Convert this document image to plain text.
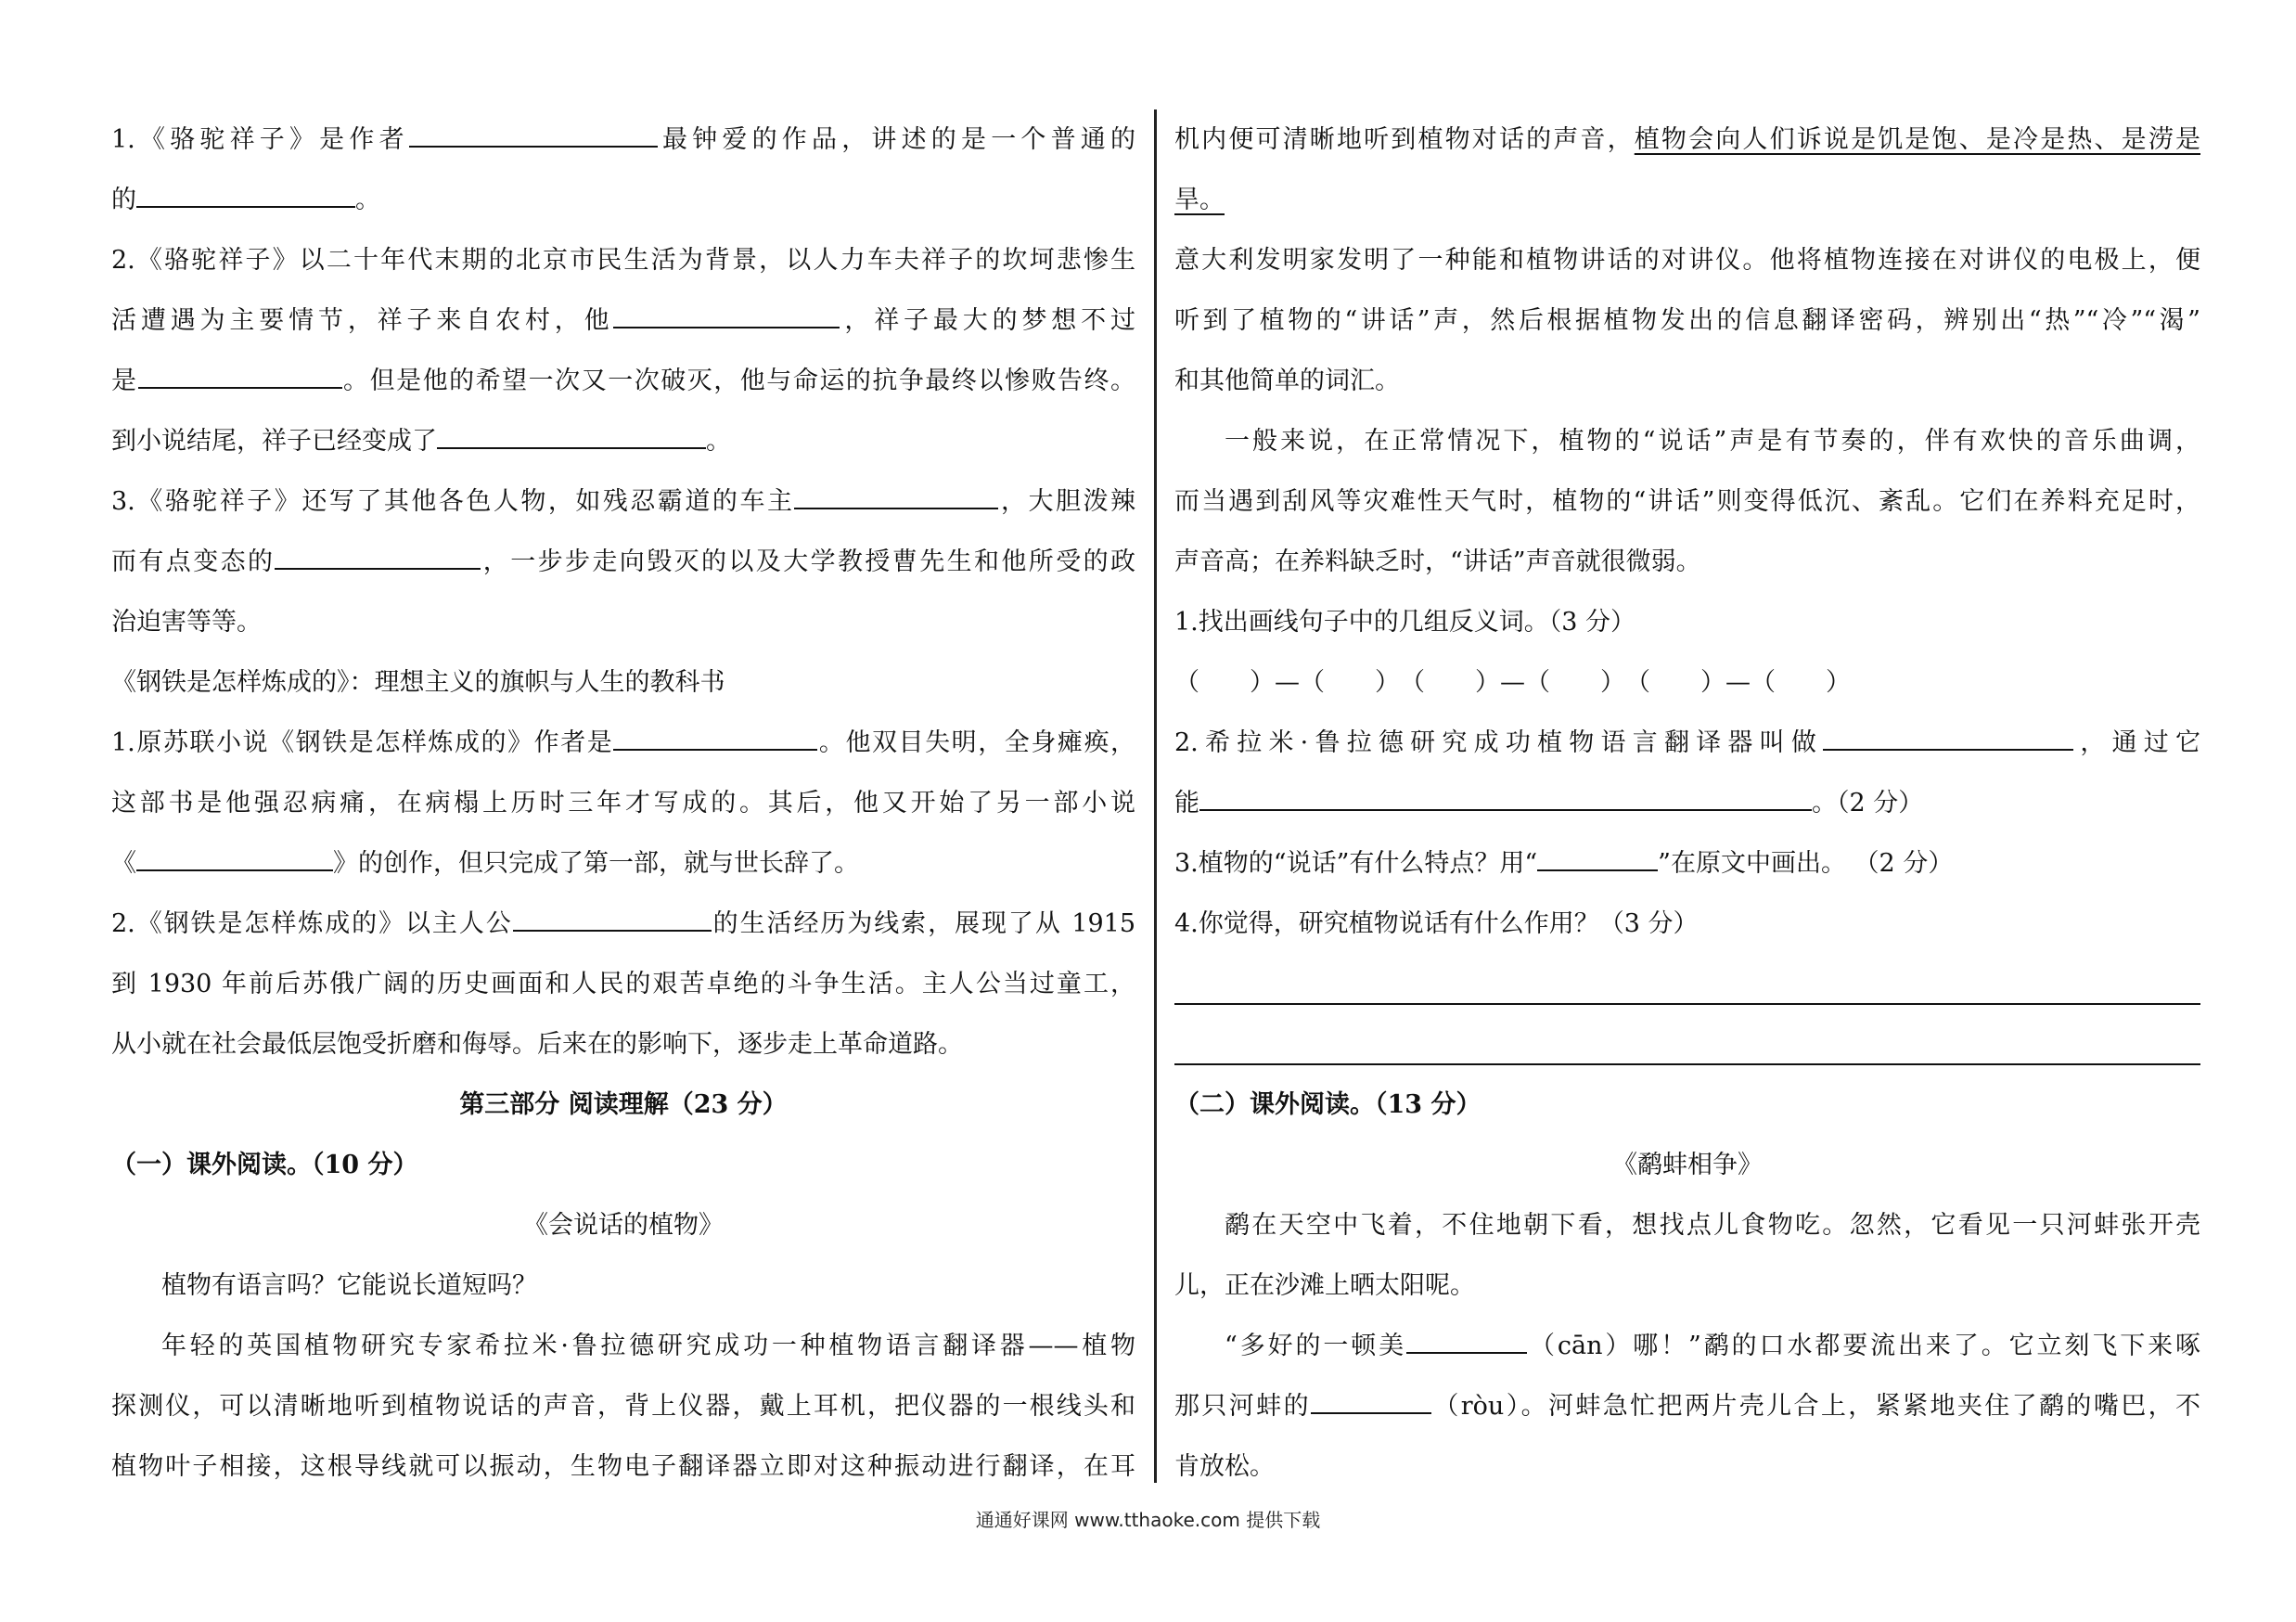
1.《骆驼祥子》是作者	最钟爱的作品，讲述的是一个普通的
的	。
2.《骆驼祥子》以二十年代末期的北京市民生活为背景，以人力车夫祥子的坎坷悲惨生
活遭遇为主要情节，祥子来自农村，他	，祥子最大的梦想不过
是	。但是他的希望一次又一次破灭，他与命运的抗争最终以惨败告终。
到小说结尾，祥子已经变成了	。
3.《骆驼祥子》还写了其他各色人物，如残忍霸道的车主	，大胆泼辣
而有点变态的	，一步步走向毁灭的以及大学教授曹先生和他所受的政
治迫害等等。
《钢铁是怎样炼成的》：理想主义的旗帜与人生的教科书
1.原苏联小说《钢铁是怎样炼成的》作者是	。他双目失明，全身瘫痪，
这部书是他强忍病痛，在病榻上历时三年才写成的。其后，他又开始了另一部小说
《	》的创作，但只完成了第一部，就与世长辞了。
2.《钢铁是怎样炼成的》以主人公	的生活经历为线索，展现了从 1915
到 1930 年前后苏俄广阔的历史画面和人民的艰苦卓绝的斗争生活。主人公当过童工，
从小就在社会最低层饱受折磨和侮辱。后来在的影响下，逐步走上革命道路。
第三部分 阅读理解（23 分）
（一）课外阅读。（10 分）
《会说话的植物》
植物有语言吗？它能说长道短吗？
年轻的英国植物研究专家希拉米·鲁拉德研究成功一种植物语言翻译器——植物
探测仪，可以清晰地听到植物说话的声音，背上仪器，戴上耳机，把仪器的一根线头和
植物叶子相接，这根导线就可以振动，生物电子翻译器立即对这种振动进行翻译，在耳
机内便可清晰地听到植物对话的声音，植物会向人们诉说是饥是饱、是冷是热、是涝是
旱。
意大利发明家发明了一种能和植物讲话的对讲仪。他将植物连接在对讲仪的电极上，便
听到了植物的“讲话”声，然后根据植物发出的信息翻译密码，辨别出“热”“冷”“渴”
和其他简单的词汇。
一般来说，在正常情况下，植物的“说话”声是有节奏的，伴有欢快的音乐曲调，
而当遇到刮风等灾难性天气时，植物的“讲话”则变得低沉、紊乱。它们在养料充足时，
声音高；在养料缺乏时，“讲话”声音就很微弱。
1.找出画线句子中的几组反义词。（3 分）
（　　）—（　　）　（　　）—（　　）　（　　）—（　　）
2.希拉米·鲁拉德研究成功植物语言翻译器叫做	，通过它
能	。（2 分）
3.植物的“说话”有什么特点？用“	”在原文中画出。 （2 分）
4.你觉得，研究植物说话有什么作用？（3 分）
（二）课外阅读。（13 分）
《鹬蚌相争》
鹬在天空中飞着，不住地朝下看，想找点儿食物吃。忽然，它看见一只河蚌张开壳
儿，正在沙滩上晒太阳呢。
“多好的一顿美	（cān）哪！”鹬的口水都要流出来了。它立刻飞下来啄
那只河蚌的	（ròu）。河蚌急忙把两片壳儿合上，紧紧地夹住了鹬的嘴巴，不
肯放松。
通通好课网 www.tthaoke.com 提供下载
